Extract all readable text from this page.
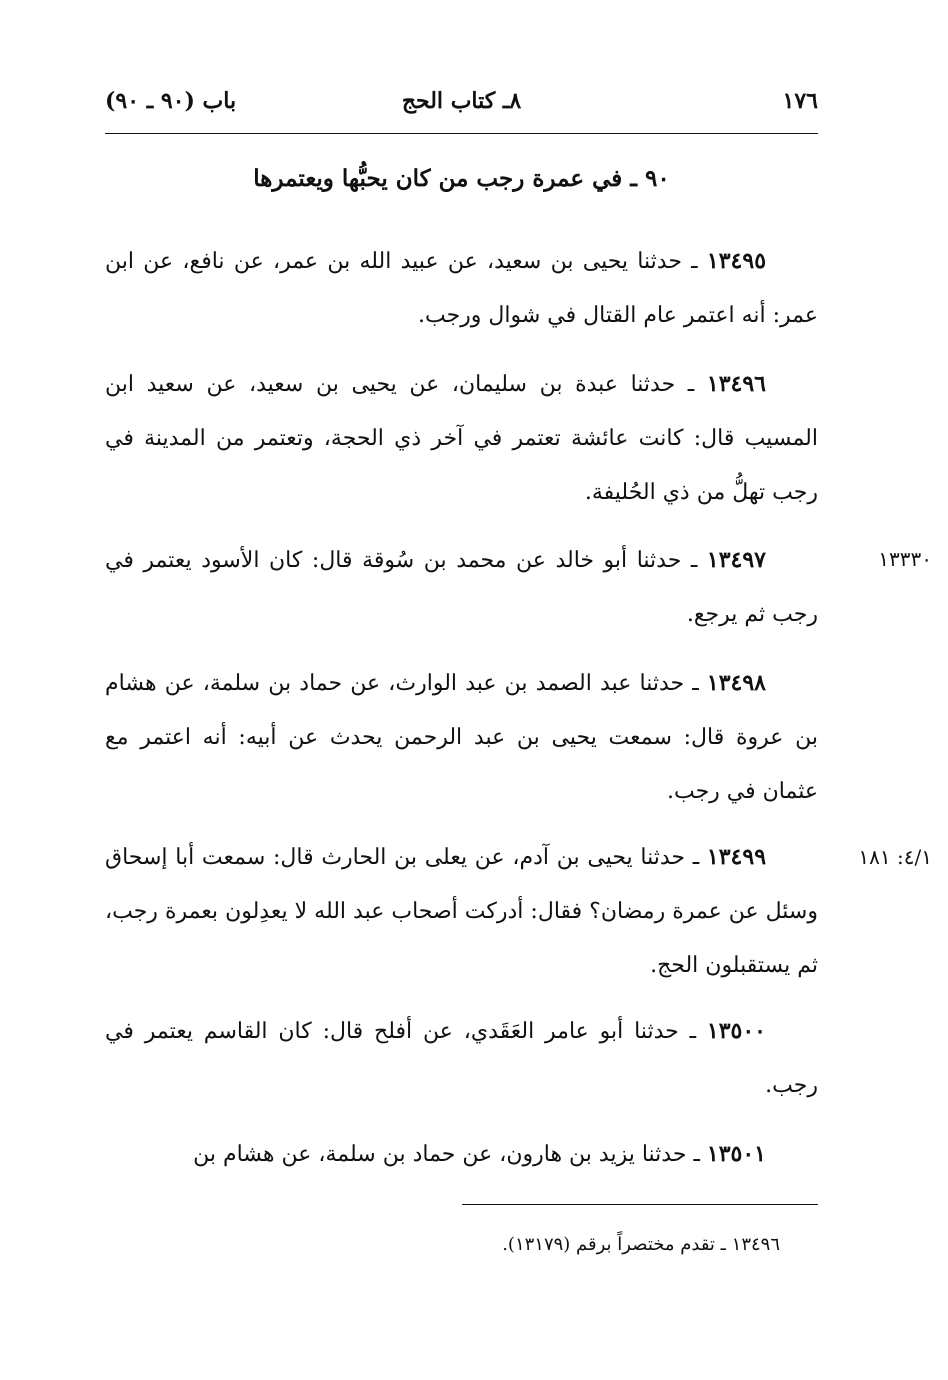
١٧٦
٨ـ كتاب الحج
باب (٩٠ ـ ٩٠)
٩٠ ـ في عمرة رجب من كان يحبُّها ويعتمرها
١٣٤٩٥ ـ حدثنا يحيى بن سعيد، عن عبيد الله بن عمر، عن نافع، عن ابن عمر: أنه اعتمر عام القتال في شوال ورجب.
١٣٤٩٦ ـ حدثنا عبدة بن سليمان، عن يحيى بن سعيد، عن سعيد ابن المسيب قال: كانت عائشة تعتمر في آخر ذي الحجة، وتعتمر من المدينة في رجب تهلُّ من ذي الحُليفة.
١٣٤٩٧ ـ حدثنا أبو خالد عن محمد بن سُوقة قال: كان الأسود يعتمر في رجب ثم يرجع.
١٣٣٣٠
١٣٤٩٨ ـ حدثنا عبد الصمد بن عبد الوارث، عن حماد بن سلمة، عن هشام بن عروة قال: سمعت يحيى بن عبد الرحمن يحدث عن أبيه: أنه اعتمر مع عثمان في رجب.
١٣٤٩٩ ـ حدثنا يحيى بن آدم، عن يعلى بن الحارث قال: سمعت أبا إسحاق وسئل عن عمرة رمضان؟ فقال: أدركت أصحاب عبد الله لا يعدِلون بعمرة رجب، ثم يستقبلون الحج.
٤/١: ١٨١
١٣٥٠٠ ـ حدثنا أبو عامر العَقَدي، عن أفلح قال: كان القاسم يعتمر في رجب.
١٣٥٠١ ـ حدثنا يزيد بن هارون، عن حماد بن سلمة، عن هشام بن
١٣٤٩٦ ـ تقدم مختصراً برقم (١٣١٧٩).
